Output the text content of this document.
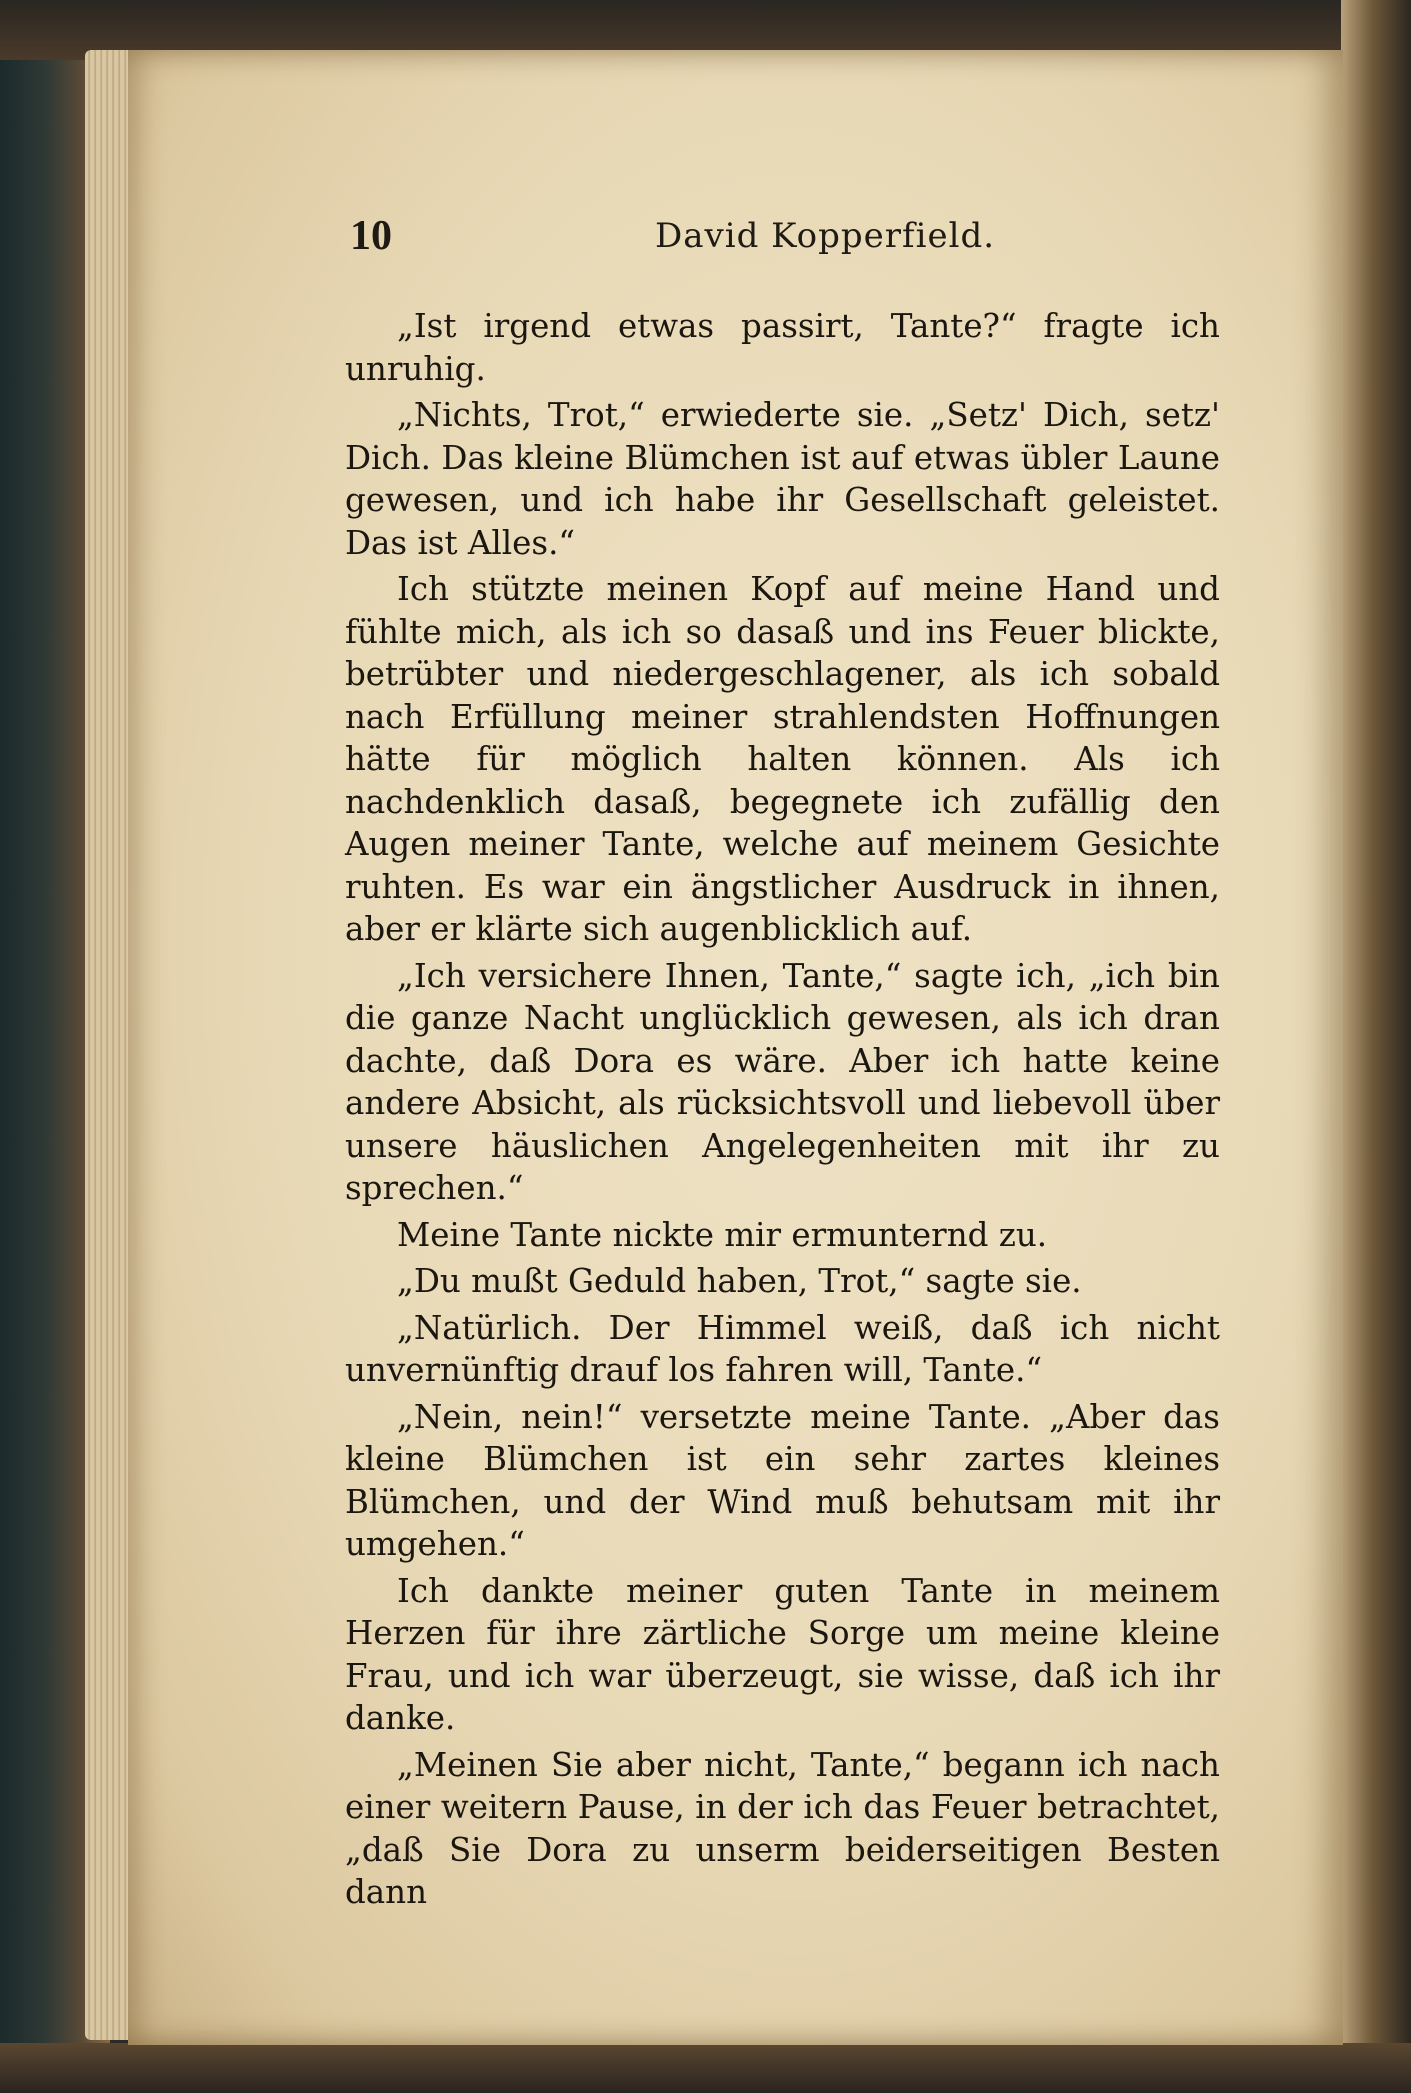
10	David Kopperfield.

„Ist irgend etwas passirt, Tante?“ fragte ich unruhig.

„Nichts, Trot,“ erwiederte sie. „Setz' Dich, setz' Dich. Das kleine Blümchen ist auf etwas übler Laune gewesen, und ich habe ihr Gesellschaft geleistet. Das ist Alles.“

Ich stützte meinen Kopf auf meine Hand und fühlte mich, als ich so dasaß und ins Feuer blickte, betrübter und niedergeschlagener, als ich sobald nach Erfüllung meiner strahlendsten Hoffnungen hätte für möglich halten können. Als ich nachdenklich dasaß, begegnete ich zufällig den Augen meiner Tante, welche auf meinem Gesichte ruhten. Es war ein ängstlicher Ausdruck in ihnen, aber er klärte sich augenblicklich auf.

„Ich versichere Ihnen, Tante,“ sagte ich, „ich bin die ganze Nacht unglücklich gewesen, als ich dran dachte, daß Dora es wäre. Aber ich hatte keine andere Absicht, als rücksichtsvoll und liebevoll über unsere häuslichen Angelegenheiten mit ihr zu sprechen.“

Meine Tante nickte mir ermunternd zu.

„Du mußt Geduld haben, Trot,“ sagte sie.

„Natürlich. Der Himmel weiß, daß ich nicht unvernünftig drauf los fahren will, Tante.“

„Nein, nein!“ versetzte meine Tante. „Aber das kleine Blümchen ist ein sehr zartes kleines Blümchen, und der Wind muß behutsam mit ihr umgehen.“

Ich dankte meiner guten Tante in meinem Herzen für ihre zärtliche Sorge um meine kleine Frau, und ich war überzeugt, sie wisse, daß ich ihr danke.

„Meinen Sie aber nicht, Tante,“ begann ich nach einer weitern Pause, in der ich das Feuer betrachtet, „daß Sie Dora zu unserm beiderseitigen Besten dann
